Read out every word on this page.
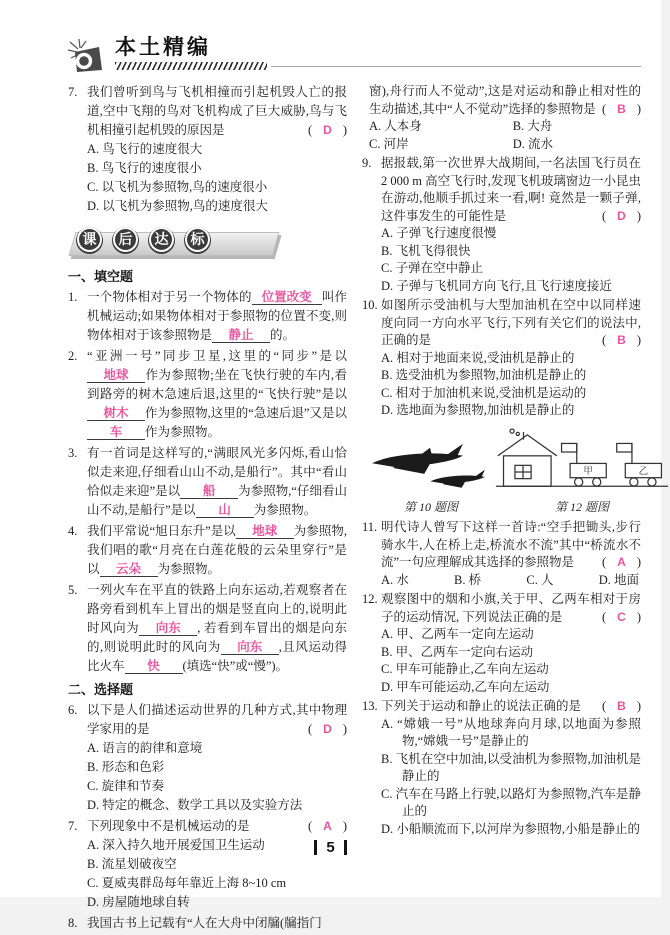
本土精编
7. 我们曾听到鸟与飞机相撞而引起机毁人亡的报道,空中飞翔的鸟对飞机构成了巨大威胁,鸟与飞机相撞引起机毁的原因是	( D )
A. 鸟飞行的速度很大
B. 鸟飞行的速度很小
C. 以飞机为参照物,鸟的速度很小
D. 以飞机为参照物,鸟的速度很大
课	后	达	标
一、填空题
1. 一个物体相对于另一个物体的 位置改变 叫作机械运动;如果物体相对于参照物的位置不变,则物体相对于该参照物是 静止 的。
2. “亚洲一号”同步卫星,这里的“同步”是以地球 作为参照物;坐在飞快行驶的车内,看到路旁的树木急速后退,这里的“飞快行驶”是以树木 作为参照物,这里的“急速后退”又是以车 作为参照物。
3. 有一首词是这样写的,“满眼风光多闪烁,看山恰似走来迎,仔细看山山不动,是船行”。其中“看山恰似走来迎”是以 船 为参照物,“仔细看山山不动,是船行”是以 山 为参照物。
4. 我们平常说“旭日东升”是以 地球 为参照物,我们唱的歌“月亮在白莲花般的云朵里穿行”是以 云朵 为参照物。
5. 一列火车在平直的铁路上向东运动,若观察者在路旁看到机车上冒出的烟是竖直向上的,说明此时风向为 向东 , 若看到车冒出的烟是向东的,则说明此时的风向为 向东 ,且风运动得比火车 快 (填选“快”或“慢”)。
二、选择题
6. 以下是人们描述运动世界的几种方式,其中物理学家用的是	( D )
A. 语言的韵律和意境
B. 形态和色彩
C. 旋律和节奏
D. 特定的概念、数学工具以及实验方法
7. 下列现象中不是机械运动的是	( A )
A. 深入持久地开展爱国卫生运动
B. 流星划破夜空
C. 夏威夷群岛每年靠近上海 8~10 cm
D. 房屋随地球自转
8. 我国古书上记载有“人在大舟中闭牖(牖指门
窗),舟行而人不觉动”,这是对运动和静止相对性的生动描述,其中“人不觉动”选择的参照物是 ( B )
A. 人本身	B. 大舟
C. 河岸	D. 流水
9. 据报载,第一次世界大战期间,一名法国飞行员在 2 000 m 高空飞行时,发现飞机玻璃窗边一小昆虫在游动,他顺手抓过来一看,啊! 竟然是一颗子弹,这件事发生的可能性是	( D )
A. 子弹飞行速度很慢
B. 飞机飞得很快
C. 子弹在空中静止
D. 子弹与飞机同方向飞行,且飞行速度接近
10. 如图所示受油机与大型加油机在空中以同样速度向同一方向水平飞行,下列有关它们的说法中,正确的是	( B )
A. 相对于地面来说,受油机是静止的
B. 选受油机为参照物,加油机是静止的
C. 相对于加油机来说,受油机是运动的
D. 选地面为参照物,加油机是静止的
第 10 题图
甲	乙
第 12 题图
11. 明代诗人曾写下这样一首诗:“空手把锄头,步行骑水牛,人在桥上走,桥流水不流”其中“桥流水不流”一句应理解成其选择的参照物是 ( A )
A. 水	B. 桥	C. 人	D. 地面
12. 观察图中的烟和小旗,关于甲、乙两车相对于房子的运动情况, 下列说法正确的是	( C )
A. 甲、乙两车一定向左运动
B. 甲、乙两车一定向右运动
C. 甲车可能静止,乙车向左运动
D. 甲车可能运动,乙车向左运动
13. 下列关于运动和静止的说法正确的是 ( B )
A. “嫦娥一号”从地球奔向月球,以地面为参照物,“嫦娥一号”是静止的
B. 飞机在空中加油,以受油机为参照物,加油机是静止的
C. 汽车在马路上行驶,以路灯为参照物,汽车是静止的
D. 小船顺流而下,以河岸为参照物,小船是静止的
5
